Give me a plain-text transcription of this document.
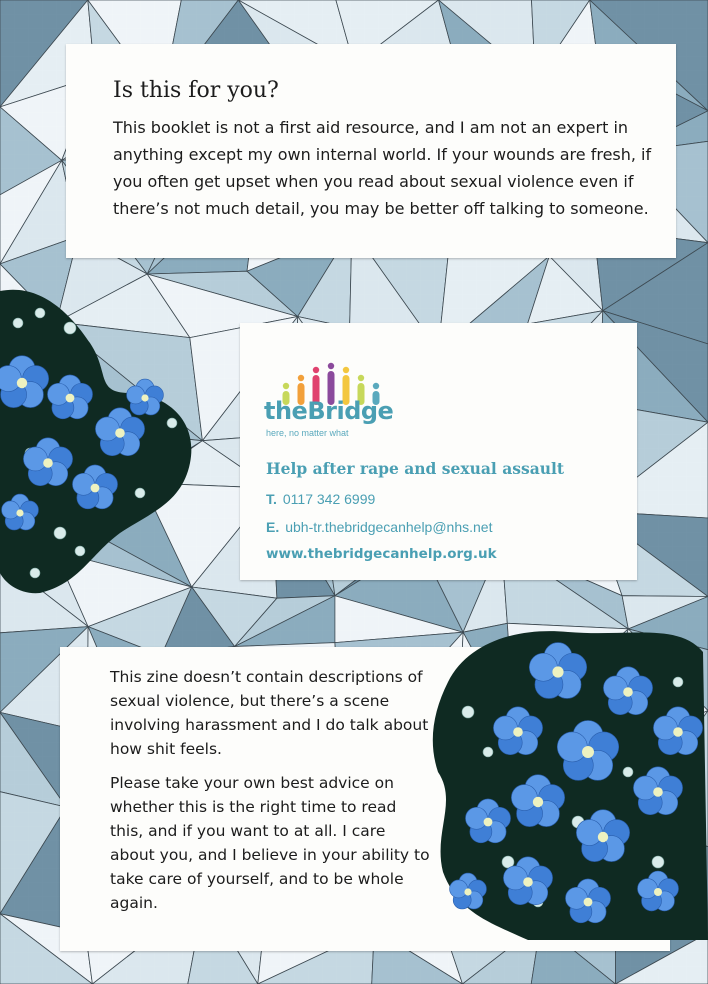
Is this for you?

This booklet is not a first aid resource, and I am not an expert in anything except my own internal world. If your wounds are fresh, if you often get upset when you read about sexual violence even if there’s not much detail, you may be better off talking to someone.

theBridge
here, no matter what
Help after rape and sexual assault
T. 0117 342 6999
E. ubh-tr.thebridgecanhelp@nhs.net
www.thebridgecanhelp.org.uk

This zine doesn’t contain descriptions of sexual violence, but there’s a scene involving harassment and I do talk about how shit feels.

Please take your own best advice on whether this is the right time to read this, and if you want to at all. I care about you, and I believe in your ability to take care of yourself, and to be whole again.
